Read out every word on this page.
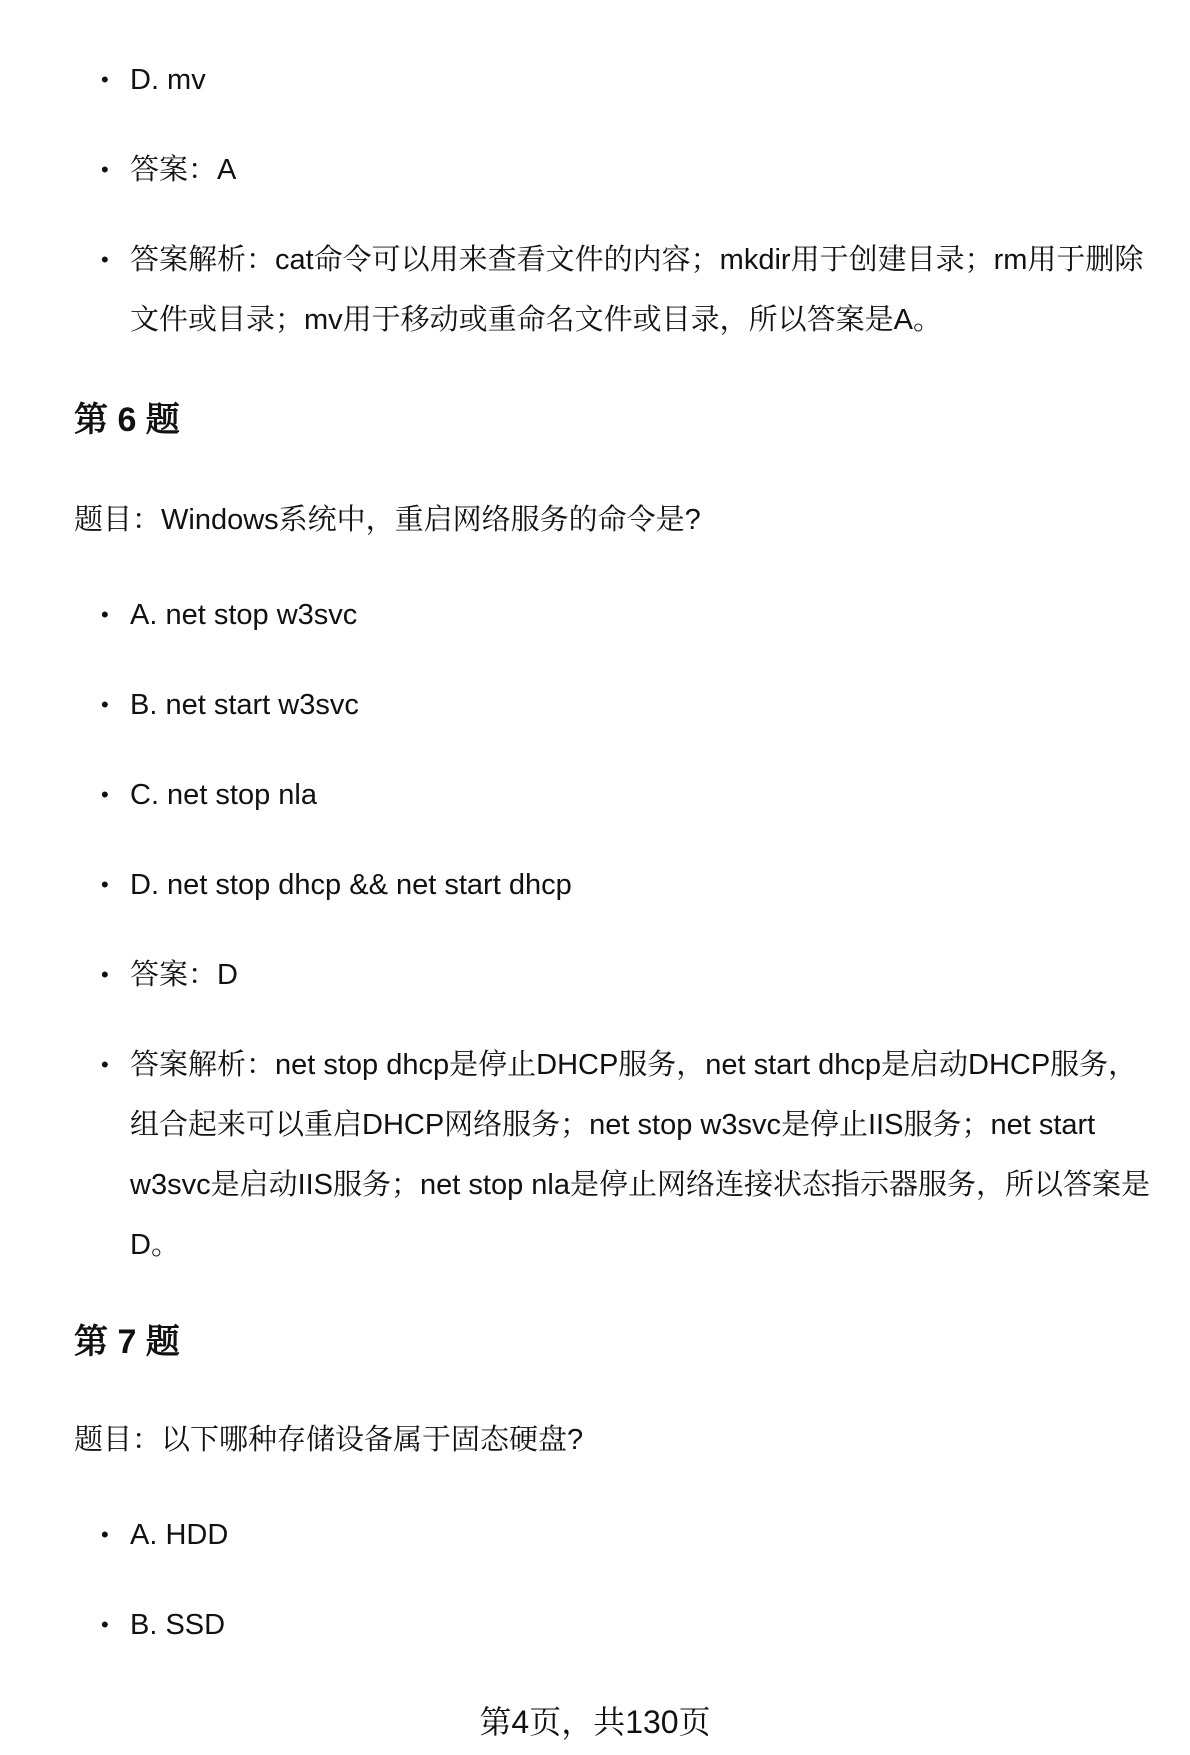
• D. mv
• 答案：A
• 答案解析：cat命令可以用来查看文件的内容；mkdir用于创建目录；rm用于删除文件或目录；mv用于移动或重命名文件或目录，所以答案是A。
第 6 题
题目：Windows系统中，重启网络服务的命令是?
• A. net stop w3svc
• B. net start w3svc
• C. net stop nla
• D. net stop dhcp && net start dhcp
• 答案：D
• 答案解析：net stop dhcp是停止DHCP服务，net start dhcp是启动DHCP服务，组合起来可以重启DHCP网络服务；net stop w3svc是停止IIS服务；net start w3svc是启动IIS服务；net stop nla是停止网络连接状态指示器服务，所以答案是D。
第 7 题
题目：以下哪种存储设备属于固态硬盘?
• A. HDD
• B. SSD
第4页，共130页
